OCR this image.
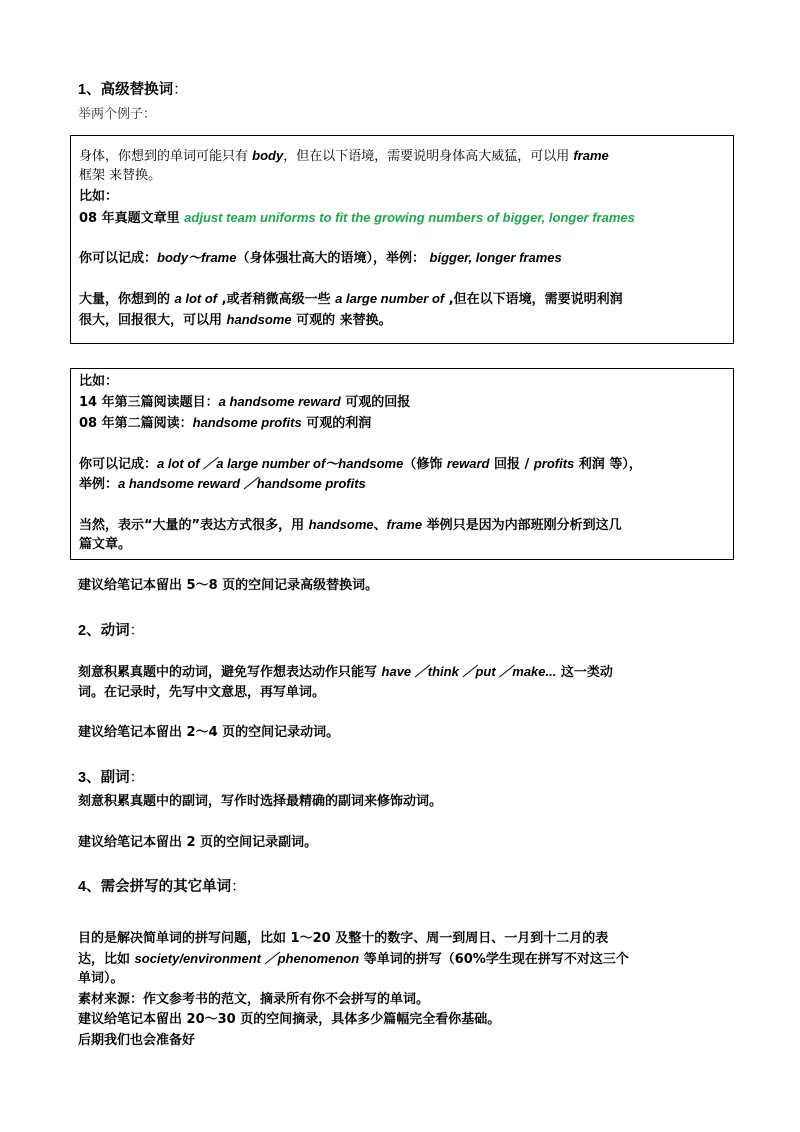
1、高级替换词：
举两个例子：
身体，你想到的单词可能只有 body，但在以下语境，需要说明身体高大威猛，可以用 frame
框架 来替换。
比如：
08 年真题文章里 adjust team uniforms to fit the growing numbers of bigger, longer frames
你可以记成：body～frame（身体强壮高大的语境），举例： bigger, longer frames
大量，你想到的 a lot of ,或者稍微高级一些 a large number of ,但在以下语境，需要说明利润
很大，回报很大，可以用 handsome 可观的 来替换。
比如：
14 年第三篇阅读题目：a handsome reward 可观的回报
08 年第二篇阅读：handsome profits 可观的利润
你可以记成：a lot of ／a large number of～handsome（修饰 reward 回报 / profits 利润 等），
举例：a handsome reward ／handsome profits
当然，表示“大量的”表达方式很多，用 handsome、frame 举例只是因为内部班刚分析到这几
篇文章。
建议给笔记本留出 5～8 页的空间记录高级替换词。
2、动词：
刻意积累真题中的动词，避免写作想表达动作只能写 have ／think ／put ／make... 这一类动
词。在记录时，先写中文意思，再写单词。
建议给笔记本留出 2～4 页的空间记录动词。
3、副词：
刻意积累真题中的副词，写作时选择最精确的副词来修饰动词。
建议给笔记本留出 2 页的空间记录副词。
4、需会拼写的其它单词：
目的是解决简单词的拼写问题，比如 1～20 及整十的数字、周一到周日、一月到十二月的表
达，比如 society/environment ／phenomenon 等单词的拼写（60%学生现在拼写不对这三个
单词）。
素材来源：作文参考书的范文，摘录所有你不会拼写的单词。
建议给笔记本留出 20～30 页的空间摘录，具体多少篇幅完全看你基础。
后期我们也会准备好
